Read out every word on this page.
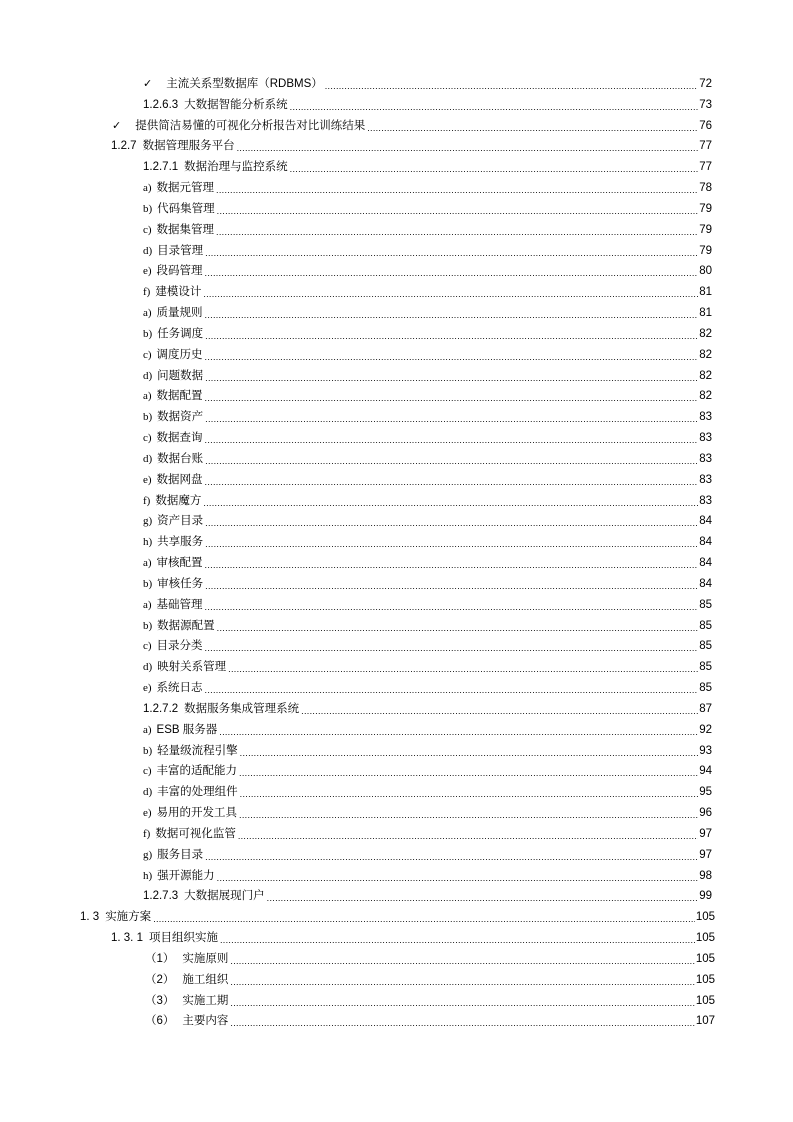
✓ 主流关系型数据库（RDBMS） .....	72
1.2.6.3 大数据智能分析系统 .....	73
✓ 提供简洁易懂的可视化分析报告对比训练结果 .....	76
1.2.7 数据管理服务平台 .....	77
1.2.7.1 数据治理与监控系统 .....	77
a) 数据元管理 .....	78
b) 代码集管理 .....	79
c) 数据集管理 .....	79
d) 目录管理 .....	79
e) 段码管理 .....	80
f) 建模设计 .....	81
a) 质量规则 .....	81
b) 任务调度 .....	82
c) 调度历史 .....	82
d) 问题数据 .....	82
a) 数据配置 .....	82
b) 数据资产 .....	83
c) 数据查询 .....	83
d) 数据台账 .....	83
e) 数据网盘 .....	83
f) 数据魔方 .....	83
g) 资产目录 .....	84
h) 共享服务 .....	84
a) 审核配置 .....	84
b) 审核任务 .....	84
a) 基础管理 .....	85
b) 数据源配置 .....	85
c) 目录分类 .....	85
d) 映射关系管理 .....	85
e) 系统日志 .....	85
1.2.7.2 数据服务集成管理系统 .....	87
a) ESB 服务器 .....	92
b) 轻量级流程引擎 .....	93
c) 丰富的适配能力 .....	94
d) 丰富的处理组件 .....	95
e) 易用的开发工具 .....	96
f) 数据可视化监管 .....	97
g) 服务目录 .....	97
h) 强开源能力 .....	98
1.2.7.3 大数据展现门户 .....	99
1. 3 实施方案 .....	105
1. 3. 1 项目组织实施 .....	105
（1） 实施原则 .....	105
（2） 施工组织 .....	105
（3） 实施工期 .....	105
（6） 主要内容 .....	107
